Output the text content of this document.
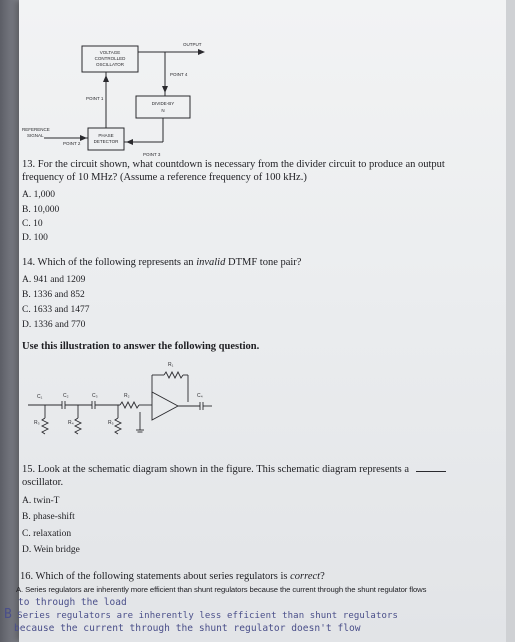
VOLTAGE
CONTROLLED
OSCILLATOR
OUTPUT
POINT 4
POINT 1
DIVIDE-BY
N
REFERENCE
SIGNAL
POINT 2
PHASE
DETECTOR
POINT 3
13. For the circuit shown, what countdown is necessary from the divider circuit to produce an output
frequency of 10 MHz? (Assume a reference frequency of 100 kHz.)
A. 1,000
B. 10,000
C. 10
D. 100
14. Which of the following represents an invalid DTMF tone pair?
A. 941 and 1209
B. 1336 and 852
C. 1633 and 1477
D. 1336 and 770
Use this illustration to answer the following question.
R₁
R₂
R₃	R₄	R₅
C₁	C₂	C₃	C₄
15. Look at the schematic diagram shown in the figure. This schematic diagram represents a
oscillator.
A. twin-T
B. phase-shift
C. relaxation
D. Wein bridge
16. Which of the following statements about series regulators is correct?
A. Series regulators are inherently more efficient than shunt regulators because the current through the shunt regulator flows
to through the load
B Series regulators are inherently less efficient than shunt regulators
because the current through the shunt regulator doesn't flow
